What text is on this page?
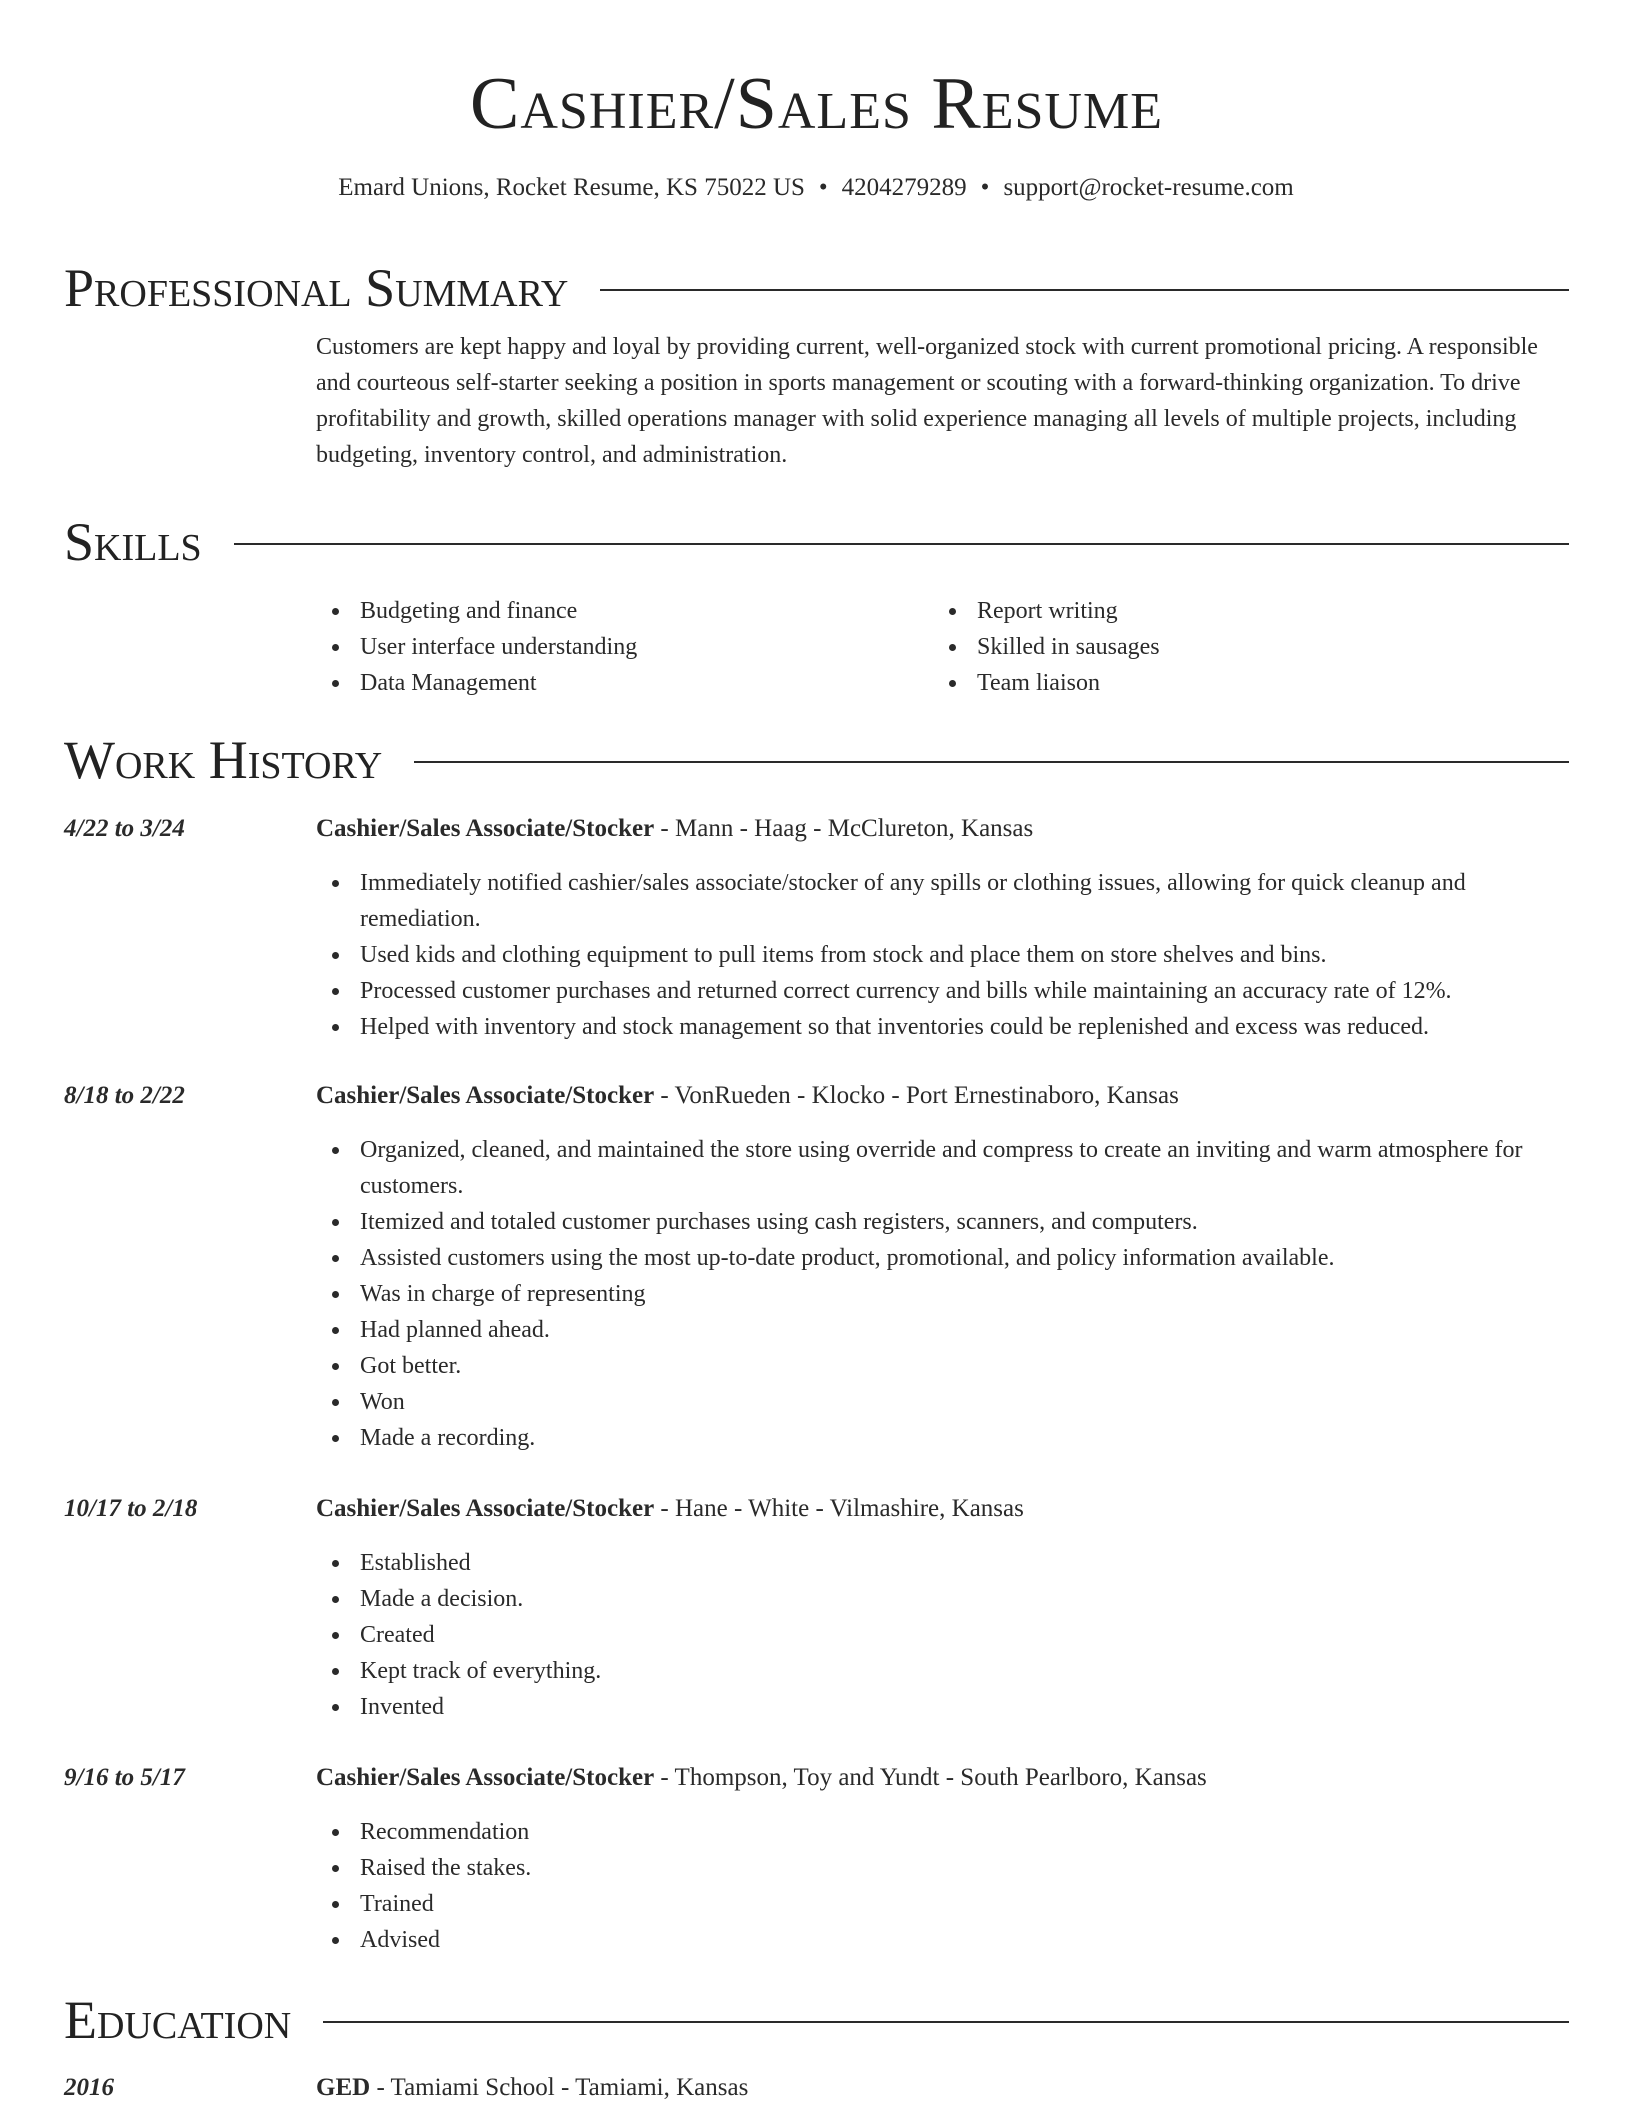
Cashier/Sales Resume
Emard Unions, Rocket Resume, KS 75022 US • 4204279289 • support@rocket-resume.com
Professional Summary
Customers are kept happy and loyal by providing current, well-organized stock with current promotional pricing. A responsible and courteous self-starter seeking a position in sports management or scouting with a forward-thinking organization. To drive profitability and growth, skilled operations manager with solid experience managing all levels of multiple projects, including budgeting, inventory control, and administration.
Skills
Budgeting and finance
User interface understanding
Data Management
Report writing
Skilled in sausages
Team liaison
Work History
4/22 to 3/24	Cashier/Sales Associate/Stocker - Mann - Haag - McClureton, Kansas
Immediately notified cashier/sales associate/stocker of any spills or clothing issues, allowing for quick cleanup and remediation.
Used kids and clothing equipment to pull items from stock and place them on store shelves and bins.
Processed customer purchases and returned correct currency and bills while maintaining an accuracy rate of 12%.
Helped with inventory and stock management so that inventories could be replenished and excess was reduced.
8/18 to 2/22	Cashier/Sales Associate/Stocker - VonRueden - Klocko - Port Ernestinaboro, Kansas
Organized, cleaned, and maintained the store using override and compress to create an inviting and warm atmosphere for customers.
Itemized and totaled customer purchases using cash registers, scanners, and computers.
Assisted customers using the most up-to-date product, promotional, and policy information available.
Was in charge of representing
Had planned ahead.
Got better.
Won
Made a recording.
10/17 to 2/18	Cashier/Sales Associate/Stocker - Hane - White - Vilmashire, Kansas
Established
Made a decision.
Created
Kept track of everything.
Invented
9/16 to 5/17	Cashier/Sales Associate/Stocker - Thompson, Toy and Yundt - South Pearlboro, Kansas
Recommendation
Raised the stakes.
Trained
Advised
Education
2016	GED - Tamiami School - Tamiami, Kansas
